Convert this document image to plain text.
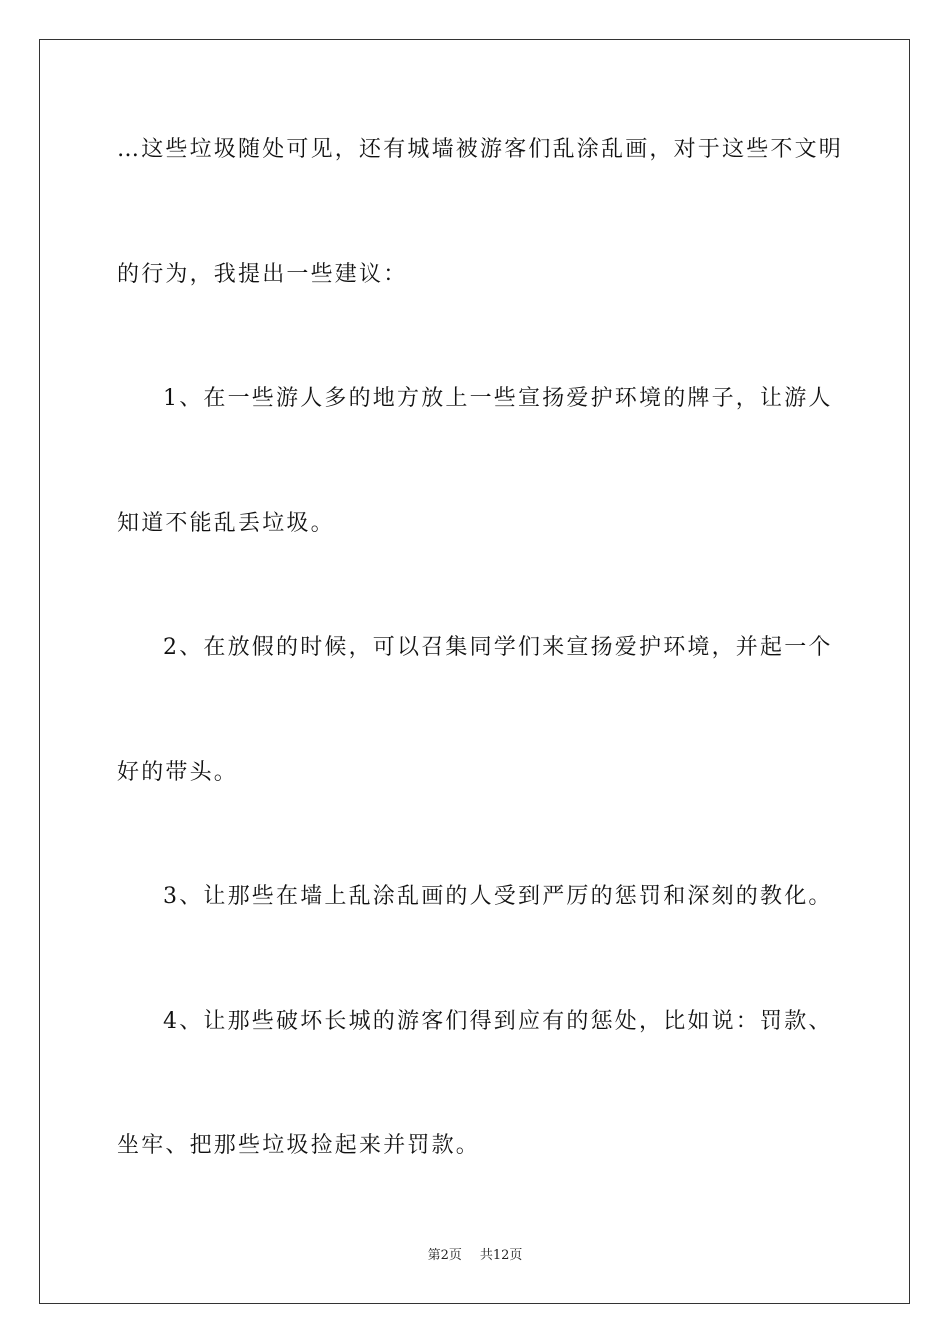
…这些垃圾随处可见，还有城墙被游客们乱涂乱画，对于这些不文明
的行为，我提出一些建议：
1、在一些游人多的地方放上一些宣扬爱护环境的牌子，让游人
知道不能乱丢垃圾。
2、在放假的时候，可以召集同学们来宣扬爱护环境，并起一个
好的带头。
3、让那些在墙上乱涂乱画的人受到严厉的惩罚和深刻的教化。
4、让那些破坏长城的游客们得到应有的惩处，比如说：罚款、
坐牢、把那些垃圾捡起来并罚款。
第2页 共12页
